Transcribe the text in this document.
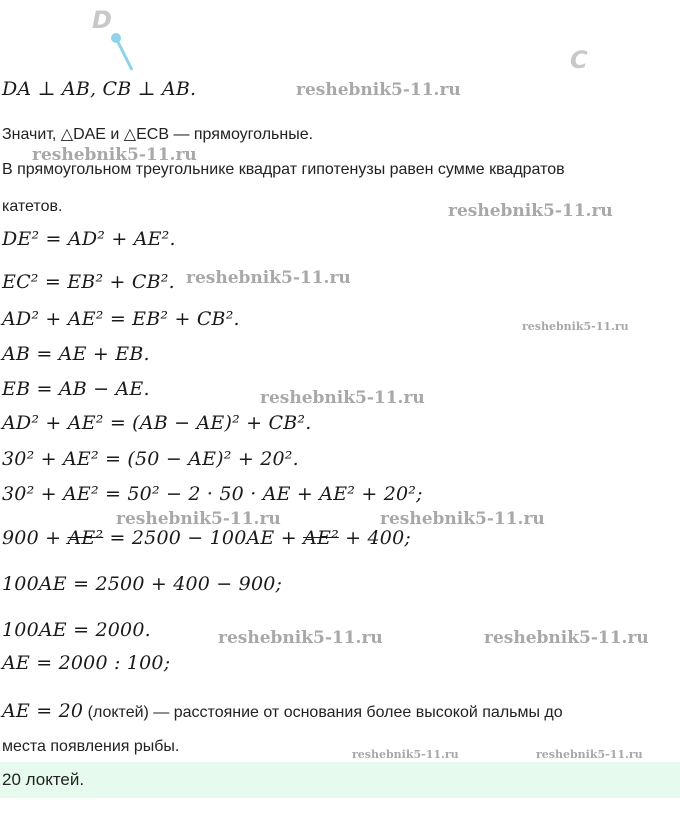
D
C
DA ⊥ AB, CB ⊥ AB.
Значит, △DAE и △ECB — прямоугольные.
В прямоугольном треугольнике квадрат гипотенузы равен сумме квадратов
катетов.
DE² = AD² + AE².
EC² = EB² + CB².
AD² + AE² = EB² + CB².
AB = AE + EB.
EB = AB − AE.
AD² + AE² = (AB − AE)² + CB².
30² + AE² = (50 − AE)² + 20².
30² + AE² = 50² − 2 · 50 · AE + AE² + 20²;
900 + AE² = 2500 − 100AE + AE² + 400;
100AE = 2500 + 400 − 900;
100AE = 2000.
AE = 2000 : 100;
AE = 20 (локтей) — расстояние от основания более высокой пальмы до
места появления рыбы.
20 локтей.
reshebnik5-11.ru
reshebnik5-11.ru
reshebnik5-11.ru
reshebnik5-11.ru
reshebnik5-11.ru
reshebnik5-11.ru
reshebnik5-11.ru	reshebnik5-11.ru
reshebnik5-11.ru	reshebnik5-11.ru
reshebnik5-11.ru	reshebnik5-11.ru
